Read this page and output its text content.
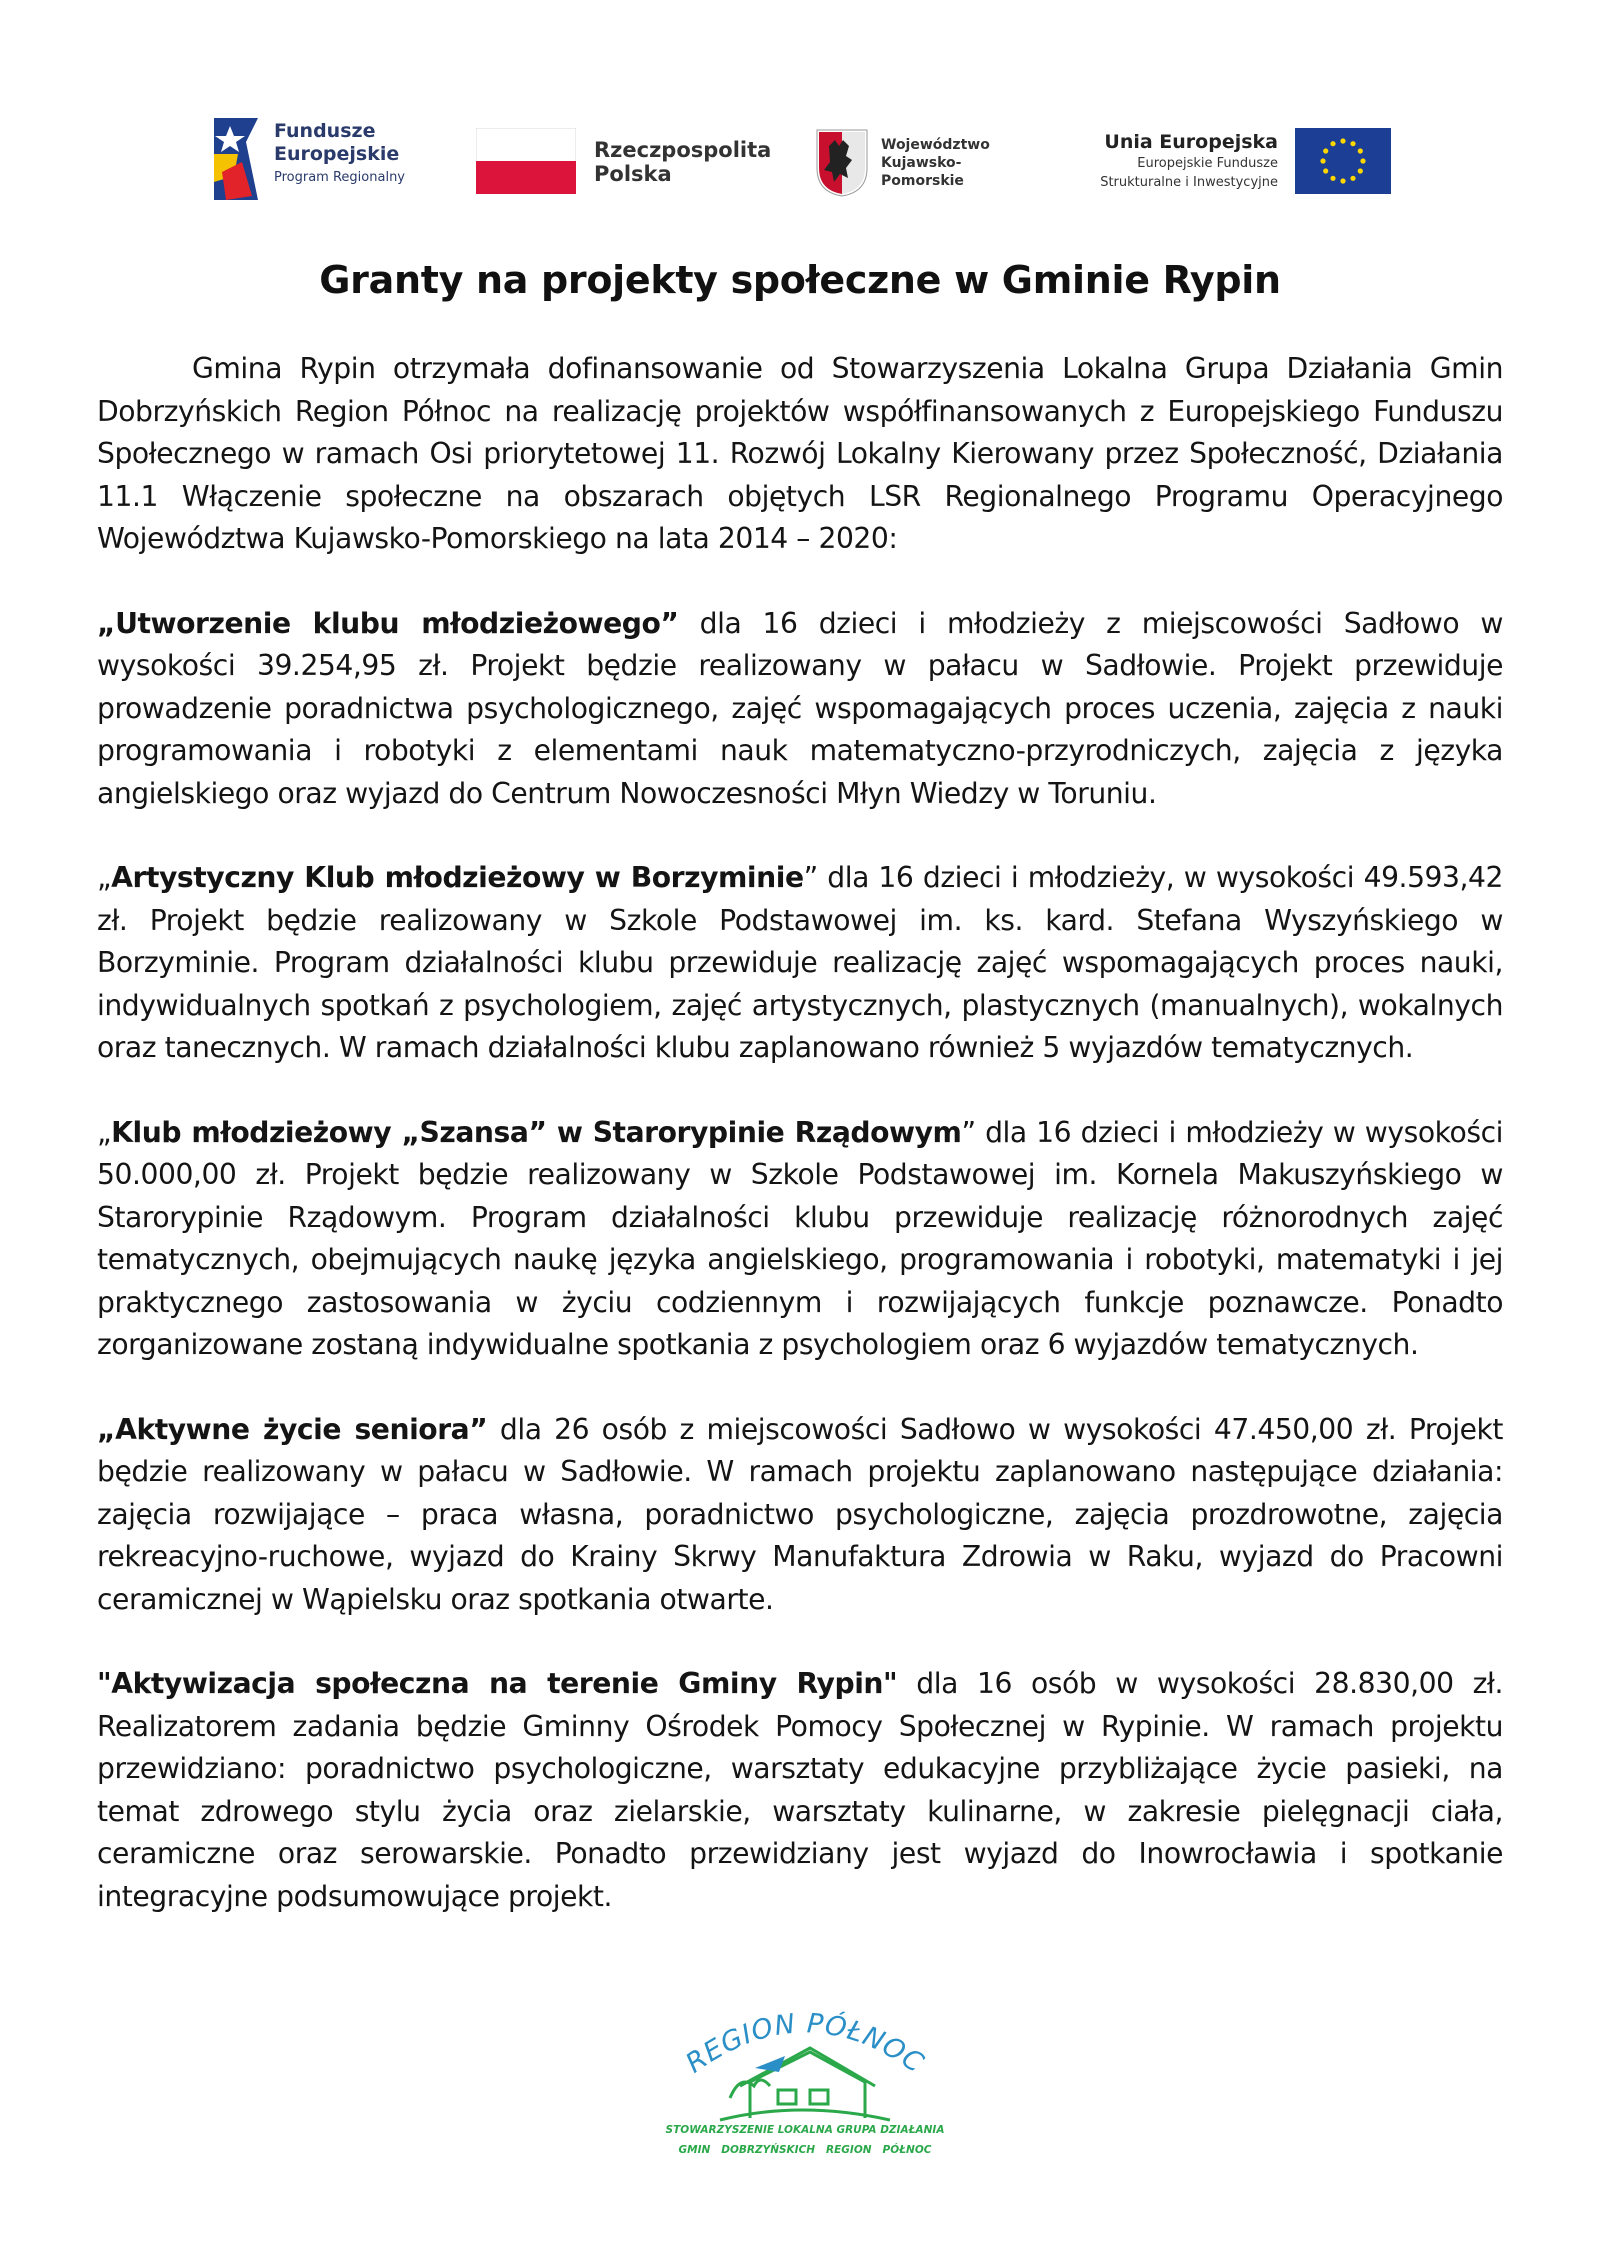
Fundusze
Europejskie
Program Regionalny
Rzeczpospolita
Polska
Województwo
Kujawsko-Pomorskie
Unia Europejska
Europejskie Fundusze
Strukturalne i Inwestycyjne
Granty na projekty społeczne w Gminie Rypin

Gmina Rypin otrzymała dofinansowanie od Stowarzyszenia Lokalna Grupa Działania Gmin Dobrzyńskich Region Północ na realizację projektów współfinansowanych z Europejskiego Funduszu Społecznego w ramach Osi priorytetowej 11. Rozwój Lokalny Kierowany przez Społeczność, Działania 11.1 Włączenie społeczne na obszarach objętych LSR Regionalnego Programu Operacyjnego Województwa Kujawsko-Pomorskiego na lata 2014 – 2020:

„Utworzenie klubu młodzieżowego” dla 16 dzieci i młodzieży z miejscowości Sadłowo w wysokości 39.254,95 zł. Projekt będzie realizowany w pałacu w Sadłowie. Projekt przewiduje prowadzenie poradnictwa psychologicznego, zajęć wspomagających proces uczenia, zajęcia z nauki programowania i robotyki z elementami nauk matematyczno-przyrodniczych, zajęcia z języka angielskiego oraz wyjazd do Centrum Nowoczesności Młyn Wiedzy w Toruniu.

„Artystyczny Klub młodzieżowy w Borzyminie” dla 16 dzieci i młodzieży, w wysokości 49.593,42 zł. Projekt będzie realizowany w Szkole Podstawowej im. ks. kard. Stefana Wyszyńskiego w Borzyminie. Program działalności klubu przewiduje realizację zajęć wspomagających proces nauki, indywidualnych spotkań z psychologiem, zajęć artystycznych, plastycznych (manualnych), wokalnych oraz tanecznych. W ramach działalności klubu zaplanowano również 5 wyjazdów tematycznych.

„Klub młodzieżowy „Szansa” w Starorypinie Rządowym” dla 16 dzieci i młodzieży w wysokości 50.000,00 zł. Projekt będzie realizowany w Szkole Podstawowej im. Kornela Makuszyńskiego w Starorypinie Rządowym. Program działalności klubu przewiduje realizację różnorodnych zajęć tematycznych, obejmujących naukę języka angielskiego, programowania i robotyki, matematyki i jej praktycznego zastosowania w życiu codziennym i rozwijających funkcje poznawcze. Ponadto zorganizowane zostaną indywidualne spotkania z psychologiem oraz 6 wyjazdów tematycznych.

„Aktywne życie seniora” dla 26 osób z miejscowości Sadłowo w wysokości 47.450,00 zł. Projekt będzie realizowany w pałacu w Sadłowie. W ramach projektu zaplanowano następujące działania: zajęcia rozwijające – praca własna, poradnictwo psychologiczne, zajęcia prozdrowotne, zajęcia rekreacyjno-ruchowe, wyjazd do Krainy Skrwy Manufaktura Zdrowia w Raku, wyjazd do Pracowni ceramicznej w Wąpielsku oraz spotkania otwarte.

"Aktywizacja społeczna na terenie Gminy Rypin" dla 16 osób w wysokości 28.830,00 zł. Realizatorem zadania będzie Gminny Ośrodek Pomocy Społecznej w Rypinie. W ramach projektu przewidziano: poradnictwo psychologiczne, warsztaty edukacyjne przybliżające życie pasieki, na temat zdrowego stylu życia oraz zielarskie, warsztaty kulinarne, w zakresie pielęgnacji ciała, ceramiczne oraz serowarskie. Ponadto przewidziany jest wyjazd do Inowrocławia i spotkanie integracyjne podsumowujące projekt.

REGION PÓŁNOC
STOWARZYSZENIE LOKALNA GRUPA DZIAŁANIA
GMIN   DOBRZYŃSKICH   REGION   PÓŁNOC
